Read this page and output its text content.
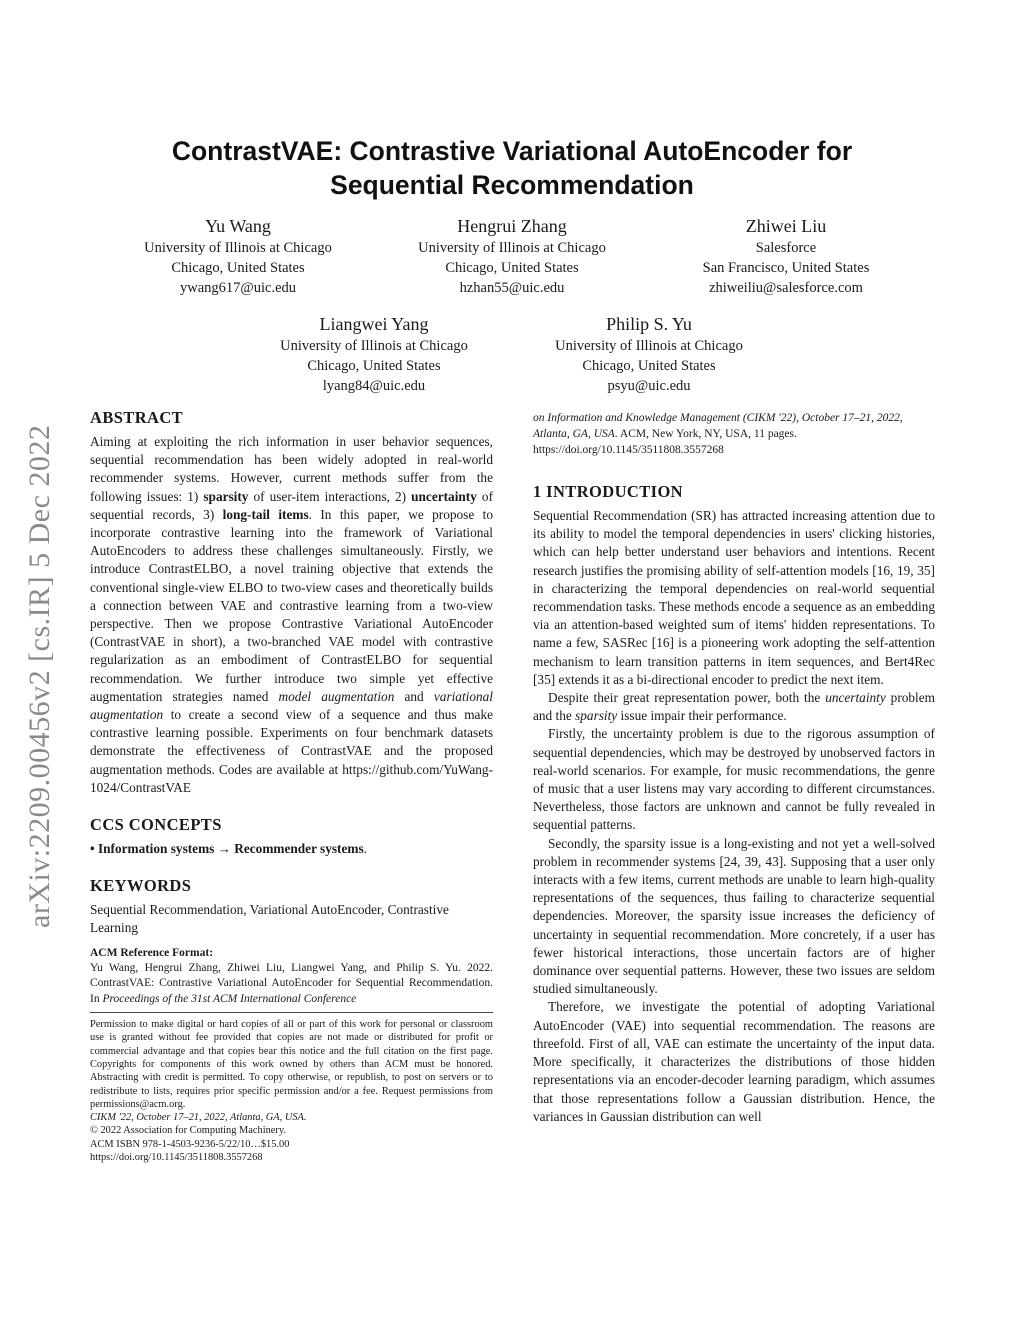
arXiv:2209.00456v2 [cs.IR] 5 Dec 2022
ContrastVAE: Contrastive Variational AutoEncoder for
Sequential Recommendation
Yu Wang
University of Illinois at Chicago
Chicago, United States
ywang617@uic.edu
Hengrui Zhang
University of Illinois at Chicago
Chicago, United States
hzhan55@uic.edu
Zhiwei Liu
Salesforce
San Francisco, United States
zhiweiliu@salesforce.com
Liangwei Yang
University of Illinois at Chicago
Chicago, United States
lyang84@uic.edu
Philip S. Yu
University of Illinois at Chicago
Chicago, United States
psyu@uic.edu
ABSTRACT

Aiming at exploiting the rich information in user behavior sequences, sequential recommendation has been widely adopted in real-world recommender systems. However, current methods suffer from the following issues: 1) sparsity of user-item interactions, 2) uncertainty of sequential records, 3) long-tail items. In this paper, we propose to incorporate contrastive learning into the framework of Variational AutoEncoders to address these challenges simultaneously. Firstly, we introduce ContrastELBO, a novel training objective that extends the conventional single-view ELBO to two-view cases and theoretically builds a connection between VAE and contrastive learning from a two-view perspective. Then we propose Contrastive Variational AutoEncoder (ContrastVAE in short), a two-branched VAE model with contrastive regularization as an embodiment of ContrastELBO for sequential recommendation. We further introduce two simple yet effective augmentation strategies named model augmentation and variational augmentation to create a second view of a sequence and thus make contrastive learning possible. Experiments on four benchmark datasets demonstrate the effectiveness of ContrastVAE and the proposed augmentation methods. Codes are available at https://github.com/YuWang-1024/ContrastVAE

CCS CONCEPTS

• Information systems → Recommender systems.

KEYWORDS

Sequential Recommendation, Variational AutoEncoder, Contrastive Learning

ACM Reference Format:

Yu Wang, Hengrui Zhang, Zhiwei Liu, Liangwei Yang, and Philip S. Yu. 2022. ContrastVAE: Contrastive Variational AutoEncoder for Sequential Recommendation. In Proceedings of the 31st ACM International Conference

Permission to make digital or hard copies of all or part of this work for personal or classroom use is granted without fee provided that copies are not made or distributed for profit or commercial advantage and that copies bear this notice and the full citation on the first page. Copyrights for components of this work owned by others than ACM must be honored. Abstracting with credit is permitted. To copy otherwise, or republish, to post on servers or to redistribute to lists, requires prior specific permission and/or a fee. Request permissions from permissions@acm.org.

CIKM '22, October 17–21, 2022, Atlanta, GA, USA.

© 2022 Association for Computing Machinery.

ACM ISBN 978-1-4503-9236-5/22/10…$15.00

https://doi.org/10.1145/3511808.3557268

on Information and Knowledge Management (CIKM '22), October 17–21, 2022, Atlanta, GA, USA. ACM, New York, NY, USA, 11 pages. https://doi.org/10.1145/3511808.3557268

1 INTRODUCTION

Sequential Recommendation (SR) has attracted increasing attention due to its ability to model the temporal dependencies in users' clicking histories, which can help better understand user behaviors and intentions. Recent research justifies the promising ability of self-attention models [16, 19, 35] in characterizing the temporal dependencies on real-world sequential recommendation tasks. These methods encode a sequence as an embedding via an attention-based weighted sum of items' hidden representations. To name a few, SASRec [16] is a pioneering work adopting the self-attention mechanism to learn transition patterns in item sequences, and Bert4Rec [35] extends it as a bi-directional encoder to predict the next item.

Despite their great representation power, both the uncertainty problem and the sparsity issue impair their performance.

Firstly, the uncertainty problem is due to the rigorous assumption of sequential dependencies, which may be destroyed by unobserved factors in real-world scenarios. For example, for music recommendations, the genre of music that a user listens may vary according to different circumstances. Nevertheless, those factors are unknown and cannot be fully revealed in sequential patterns.

Secondly, the sparsity issue is a long-existing and not yet a well-solved problem in recommender systems [24, 39, 43]. Supposing that a user only interacts with a few items, current methods are unable to learn high-quality representations of the sequences, thus failing to characterize sequential dependencies. Moreover, the sparsity issue increases the deficiency of uncertainty in sequential recommendation. More concretely, if a user has fewer historical interactions, those uncertain factors are of higher dominance over sequential patterns. However, these two issues are seldom studied simultaneously.

Therefore, we investigate the potential of adopting Variational AutoEncoder (VAE) into sequential recommendation. The reasons are threefold. First of all, VAE can estimate the uncertainty of the input data. More specifically, it characterizes the distributions of those hidden representations via an encoder-decoder learning paradigm, which assumes that those representations follow a Gaussian distribution. Hence, the variances in Gaussian distribution can well
